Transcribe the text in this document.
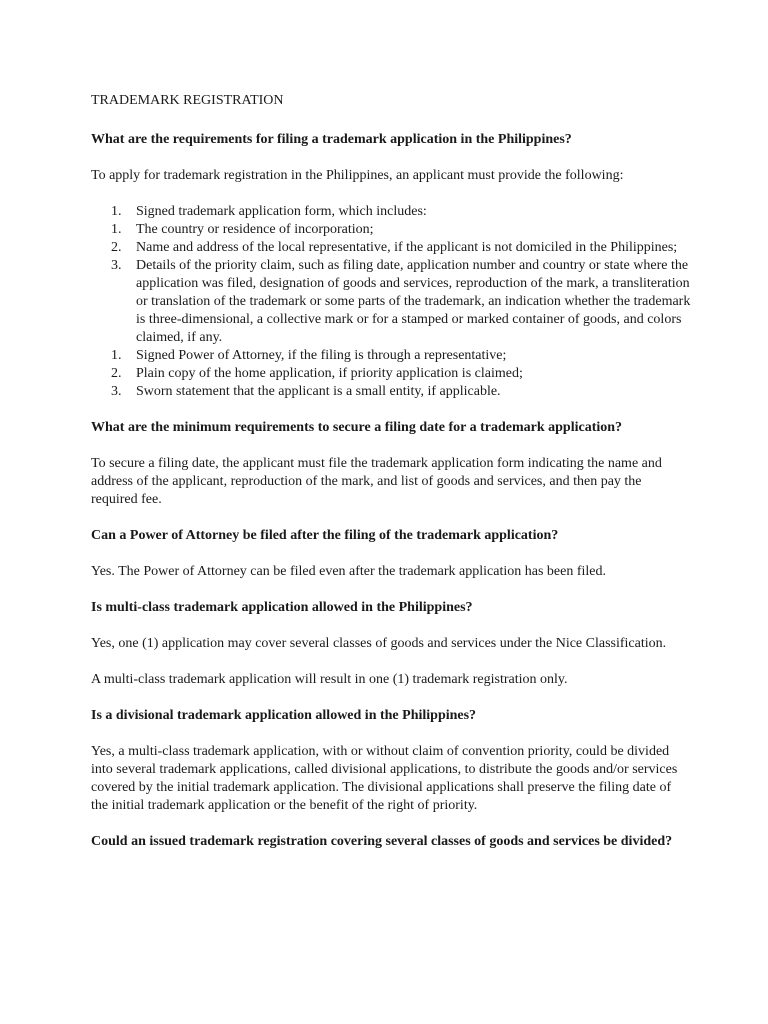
TRADEMARK REGISTRATION
What are the requirements for filing a trademark application in the Philippines?
To apply for trademark registration in the Philippines, an applicant must provide the following:
1. Signed trademark application form, which includes:
1. The country or residence of incorporation;
2. Name and address of the local representative, if the applicant is not domiciled in the Philippines;
3. Details of the priority claim, such as filing date, application number and country or state where the application was filed, designation of goods and services, reproduction of the mark, a transliteration or translation of the trademark or some parts of the trademark, an indication whether the trademark is three-dimensional, a collective mark or for a stamped or marked container of goods, and colors claimed, if any.
1. Signed Power of Attorney, if the filing is through a representative;
2. Plain copy of the home application, if priority application is claimed;
3. Sworn statement that the applicant is a small entity, if applicable.
What are the minimum requirements to secure a filing date for a trademark application?
To secure a filing date, the applicant must file the trademark application form indicating the name and address of the applicant, reproduction of the mark, and list of goods and services, and then pay the required fee.
Can a Power of Attorney be filed after the filing of the trademark application?
Yes. The Power of Attorney can be filed even after the trademark application has been filed.
Is multi-class trademark application allowed in the Philippines?
Yes, one (1) application may cover several classes of goods and services under the Nice Classification.
A multi-class trademark application will result in one (1) trademark registration only.
Is a divisional trademark application allowed in the Philippines?
Yes, a multi-class trademark application, with or without claim of convention priority, could be divided into several trademark applications, called divisional applications, to distribute the goods and/or services covered by the initial trademark application. The divisional applications shall preserve the filing date of the initial trademark application or the benefit of the right of priority.
Could an issued trademark registration covering several classes of goods and services be divided?
